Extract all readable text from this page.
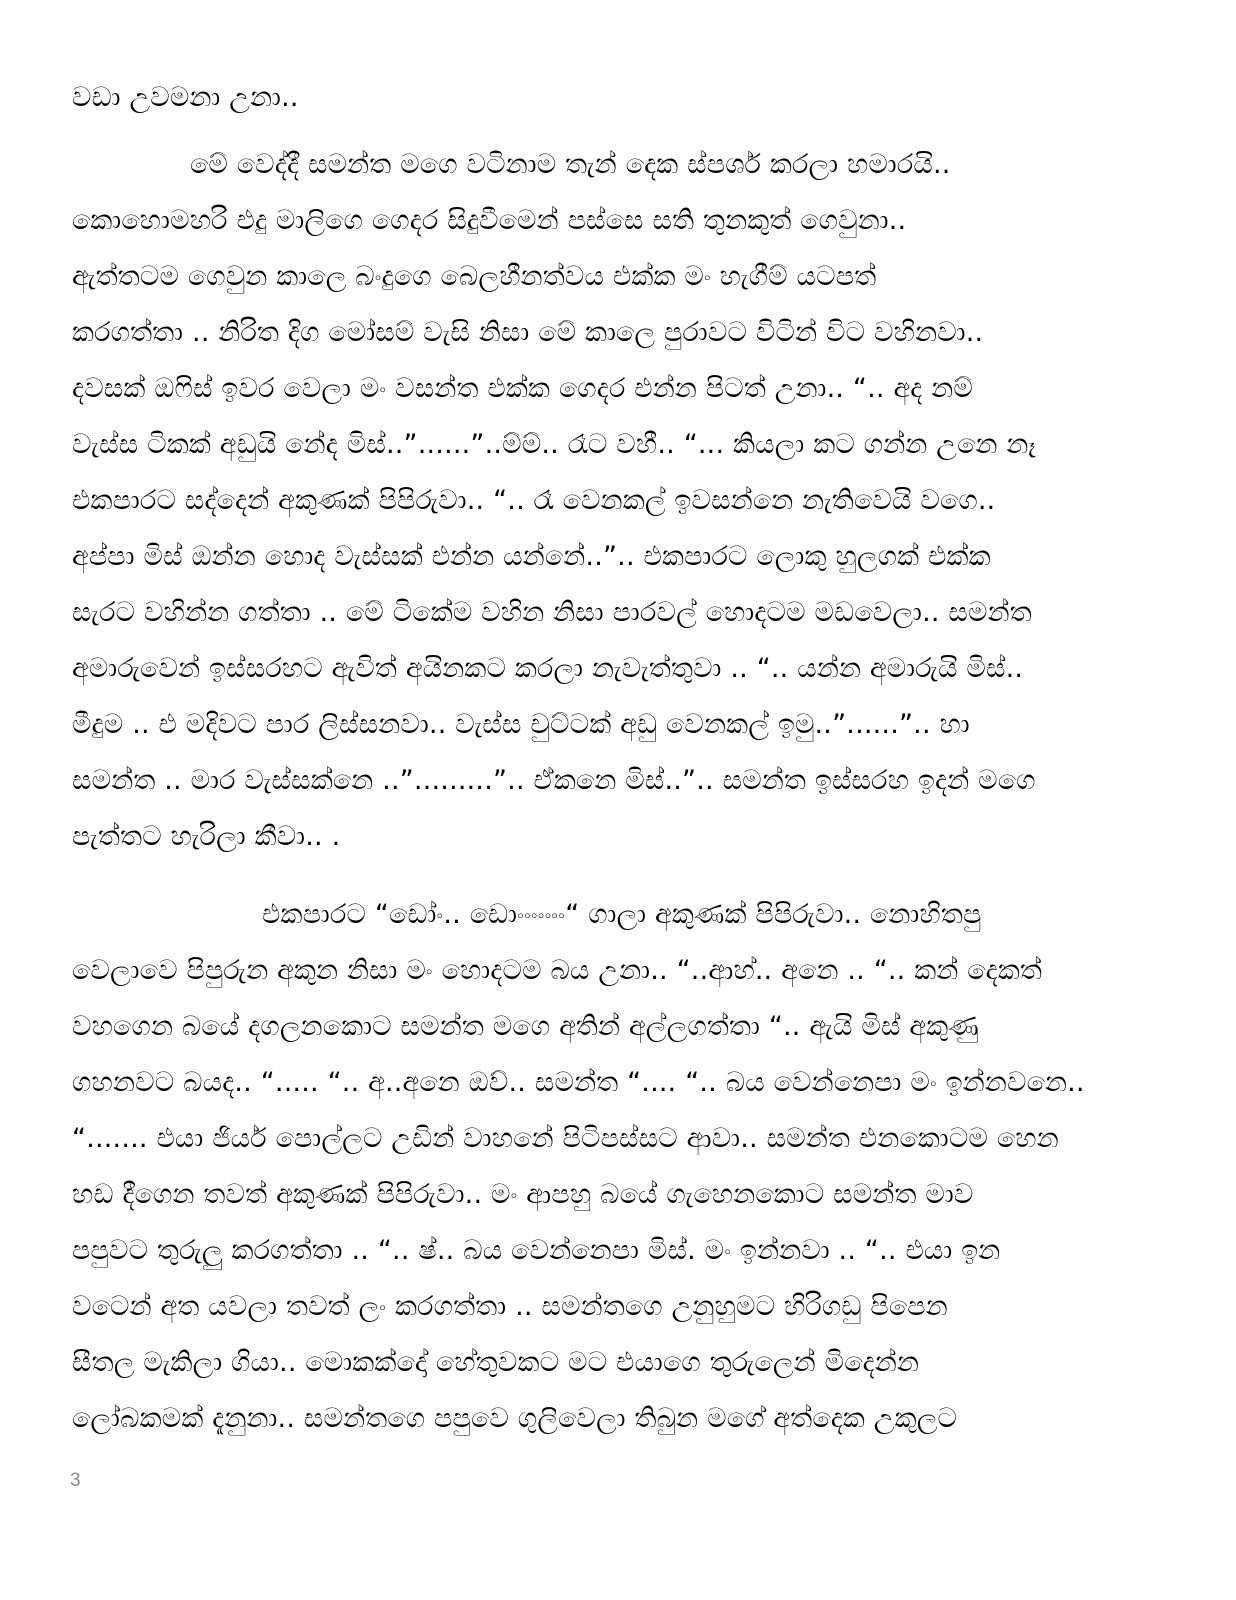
වඩා උවමනා උනා..
මේ වෙද්දී සමන්ත මගෙ වටිනාම තැන් දෙක ස්පර්ශ කරලා හමාරයි..
කොහොමහරි එදු මාලිගෙ ගෙදර සිදුවීමෙන් පස්සෙ සති තුනකුත් ගෙවුනා..
ඇත්තටම ගෙවුන කාලෙ බංදුගෙ බෙලහීනත්වය එක්ක මං හැගීම් යටපත්
කරගත්තා .. නිරිත දිග මෝසම් වැසි නිසා මේ කාලෙ පුරාවට විටින් විට වහිනවා..
දවසක් ඔෆිස් ඉවර වෙලා මං වසන්ත එක්ක ගෙදර එන්න පිටත් උනා.. “.. අද නම්
වැස්ස ටිකක් අඩුයි නේද මිස්..”......”..ම්ම්.. රෑට වහී.. “... කියලා කට ගන්න උනෙ නෑ
එකපාරට සද්දෙන් අකුණක් පිපිරුවා.. “.. රෑ වෙනකල් ඉවසන්නෙ නැතිවෙයි වගෙ..
අප්පා මිස් ඔන්න හොද වැස්සක් එන්න යන්නේ..”.. එකපාරට ලොකු හුලගක් එක්ක
සැරට වහින්න ගත්තා .. මේ ටිකේම වහින නිසා පාරවල් හොදටම මඩවෙලා.. සමන්ත
අමාරුවෙන් ඉස්සරහට ඇවිත් අයිනකට කරලා නැවැත්තුවා .. “.. යන්න අමාරුයි මිස්..
මීදුම .. එ මදිවට පාර ලිස්සනවා.. වැස්ස චුට්ටක් අඩු වෙනකල් ඉමු..”......”.. හා
සමන්ත .. මාර වැස්සක්නෙ ..”.........”.. ඒකනෙ මිස්..”.. සමන්ත ඉස්සරහ ඉදන් මගෙ
පැත්තට හැරිලා කීවා.. .
එකපාරට “ඩෝං.. ඩොංංංංංංං“ ගාලා අකුණක් පිපිරුවා.. නොහිතපු
වෙලාවෙ පිපුරුන අකුන නිසා මං හොදටම බය උනා.. “..ආහ්.. අනෙ .. “.. කන් දෙකත්
වහගෙන බයේ දගලනකොට සමන්ත මගෙ අතින් අල්ලගත්තා “.. ඇයි මිස් අකුණු
ගහනවට බයද.. “..... “.. අ..අනෙ ඔව්.. සමන්ත “.... “.. බය වෙන්නෙපා මං ඉන්නවනෙ..
“....... එයා ජියර් පොල්ලට උඩින් වාහනේ පිටිපස්සට ආවා.. සමන්ත එනකොටම හෙන
හඩ දීගෙන තවත් අකුණක් පිපිරුවා.. මං ආපහු බයේ ගැහෙනකොට සමන්ත මාව
පපුවට තුරුලු කරගත්තා .. “.. ෂ්.. බය වෙන්නෙපා මිස්. මං ඉන්නවා .. “.. එයා ඉන
වටෙන් අත යවලා තවත් ලං කරගත්තා .. සමන්තගෙ උනුහුමට හිරිගඩු පිපෙන
සීතල මැකිලා ගියා.. මොකක්දෝ හේතුවකට මට එයාගෙ තුරුලෙන් මිදෙන්න
ලෝබකමක් දැනුනා.. සමන්තගෙ පපුවෙ ගුලිවෙලා තිබුන මගේ අත්දෙක උකුලට
3
